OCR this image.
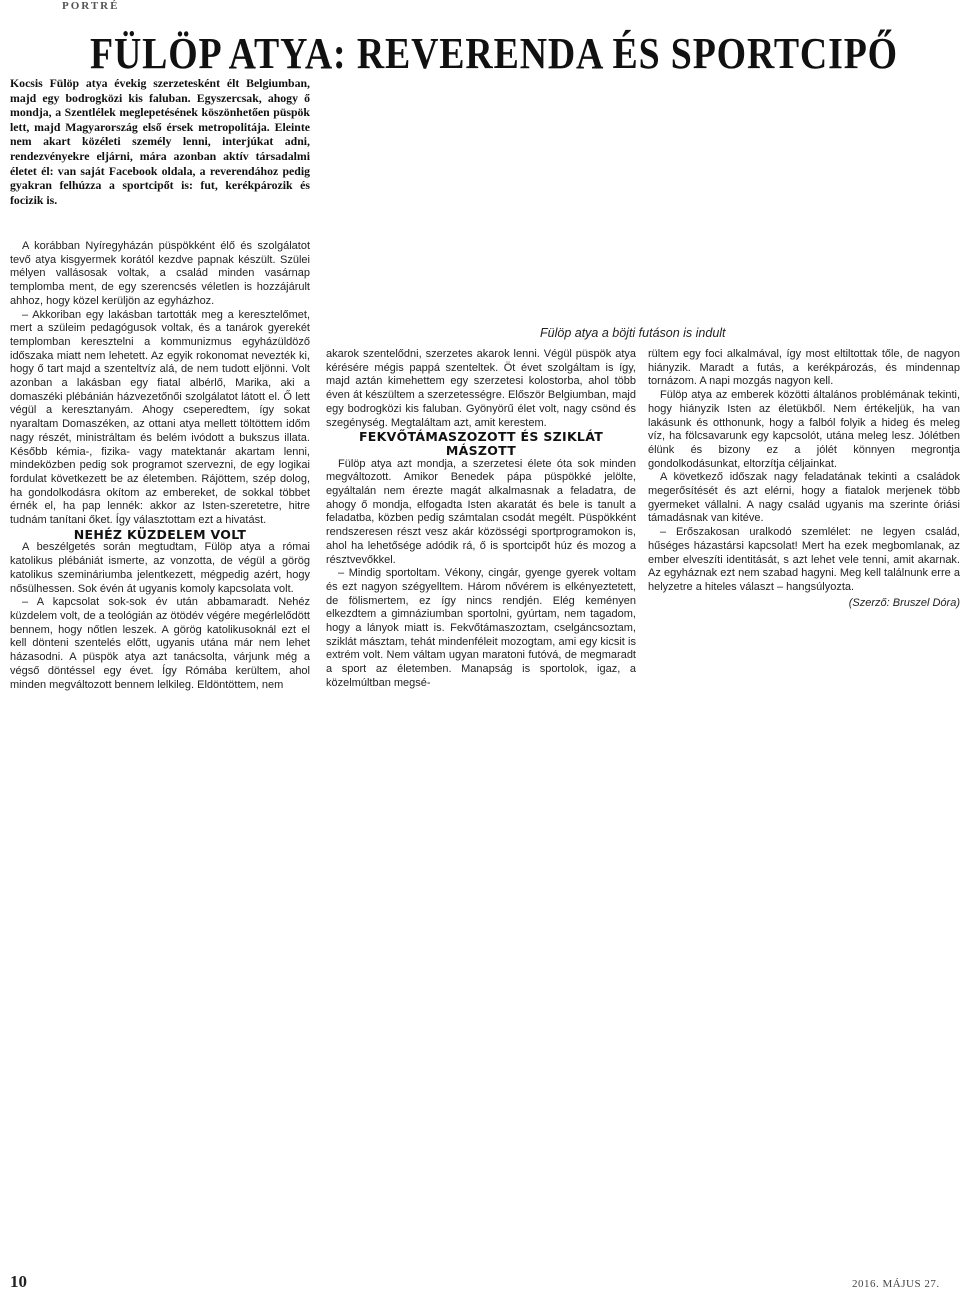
PORTRÉ
FÜLÖP ATYA: REVERENDA ÉS SPORTCIPŐ
Kocsis Fülöp atya évekig szerzetesként élt Belgiumban, majd egy bodrogközi kis faluban. Egyszercsak, ahogy ő mondja, a Szentlélek meglepetésének köszönhetően püspök lett, majd Magyarország első érsek metropolitája. Eleinte nem akart közéleti személy lenni, interjúkat adni, rendezvényekre eljárni, mára azonban aktív társadalmi életet él: van saját Facebook oldala, a reverendához pedig gyakran felhúzza a sportcipőt is: fut, kerékpározik és focizik is.
Fülöp atya a böjti futáson is indult

A korábban Nyíregyházán püspökként élő és szolgálatot tevő atya kisgyermek korától kezdve papnak készült. Szülei mélyen vallásosak voltak, a család minden vasárnap templomba ment, de egy szerencsés véletlen is hozzájárult ahhoz, hogy közel kerüljön az egyházhoz.

– Akkoriban egy lakásban tartották meg a keresztelőmet, mert a szüleim pedagógusok voltak, és a tanárok gyerekét templomban keresztelni a kommunizmus egyházüldöző időszaka miatt nem lehetett. Az egyik rokonomat nevezték ki, hogy ő tart majd a szenteltvíz alá, de nem tudott eljönni. Volt azonban a lakásban egy fiatal albérlő, Marika, aki a domaszéki plébánián házvezetőnői szolgálatot látott el. Ő lett végül a keresztanyám. Ahogy cseperedtem, így sokat nyaraltam Domaszéken, az ottani atya mellett töltöttem időm nagy részét, ministráltam és belém ivódott a bukszus illata. Később kémia-, fizika- vagy matektanár akartam lenni, mindeközben pedig sok programot szervezni, de egy logikai fordulat következett be az életemben. Rájöttem, szép dolog, ha gondolkodásra okítom az embereket, de sokkal többet érnék el, ha pap lennék: akkor az Isten-szeretetre, hitre tudnám tanítani őket. Így választottam ezt a hivatást.

NEHÉZ KÜZDELEM VOLT

A beszélgetés során megtudtam, Fülöp atya a római katolikus plébániát ismerte, az vonzotta, de végül a görög katolikus szemináriumba jelentkezett, mégpedig azért, hogy nősülhessen. Sok évén át ugyanis komoly kapcsolata volt.

– A kapcsolat sok-sok év után abbamaradt. Nehéz küzdelem volt, de a teológián az ötödév végére megérlelődött bennem, hogy nőtlen leszek. A görög katolikusoknál ezt el kell dönteni szentelés előtt, ugyanis utána már nem lehet házasodni. A püspök atya azt tanácsolta, várjunk még a végső döntéssel egy évet. Így Rómába kerültem, ahol minden megváltozott bennem lelkileg. Eldöntöttem, nem

akarok szentelődni, szerzetes akarok lenni. Végül püspök atya kérésére mégis pappá szenteltek. Öt évet szolgáltam is így, majd aztán kimehettem egy szerzetesi kolostorba, ahol több éven át készültem a szerzetességre. Először Belgiumban, majd egy bodrogközi kis faluban. Gyönyörű élet volt, nagy csönd és szegénység. Megtaláltam azt, amit kerestem.

FEKVŐTÁMASZOZOTT ÉS SZIKLÁT MÁSZOTT

Fülöp atya azt mondja, a szerzetesi élete óta sok minden megváltozott. Amikor Benedek pápa püspökké jelölte, egyáltalán nem érezte magát alkalmasnak a feladatra, de ahogy ő mondja, elfogadta Isten akaratát és bele is tanult a feladatba, közben pedig számtalan csodát megélt. Püspökként rendszeresen részt vesz akár közösségi sportprogramokon is, ahol ha lehetősége adódik rá, ő is sportcipőt húz és mozog a résztvevőkkel.

– Mindig sportoltam. Vékony, cingár, gyenge gyerek voltam és ezt nagyon szégyelltem. Három nővérem is elkényeztetett, de fölismertem, ez így nincs rendjén. Elég keményen elkezdtem a gimnáziumban sportolni, gyúrtam, nem tagadom, hogy a lányok miatt is. Fekvőtámaszoztam, cselgáncsoztam, sziklát másztam, tehát mindenféleit mozogtam, ami egy kicsit is extrém volt. Nem váltam ugyan maratoni futóvá, de megmaradt a sport az életemben. Manapság is sportolok, igaz, a közelmúltban megsé-

rültem egy foci alkalmával, így most eltiltottak tőle, de nagyon hiányzik. Maradt a futás, a kerékpározás, és mindennap tornázom. A napi mozgás nagyon kell.

Fülöp atya az emberek közötti általános problémának tekinti, hogy hiányzik Isten az életükből. Nem értékeljük, ha van lakásunk és otthonunk, hogy a falból folyik a hideg és meleg víz, ha fölcsavarunk egy kapcsolót, utána meleg lesz. Jólétben élünk és bizony ez a jólét könnyen megrontja gondolkodásunkat, eltorzítja céljainkat.

A következő időszak nagy feladatának tekinti a családok megerősítését és azt elérni, hogy a fiatalok merjenek több gyermeket vállalni. A nagy család ugyanis ma szerinte óriási támadásnak van kitéve.

– Erőszakosan uralkodó szemlélet: ne legyen család, hűséges házastársi kapcsolat! Mert ha ezek megbomlanak, az ember elveszíti identitását, s azt lehet vele tenni, amit akarnak. Az egyháznak ezt nem szabad hagyni. Meg kell találnunk erre a helyzetre a hiteles választ – hangsúlyozta.

(Szerző: Bruszel Dóra)

10	2016. MÁJUS 27.
